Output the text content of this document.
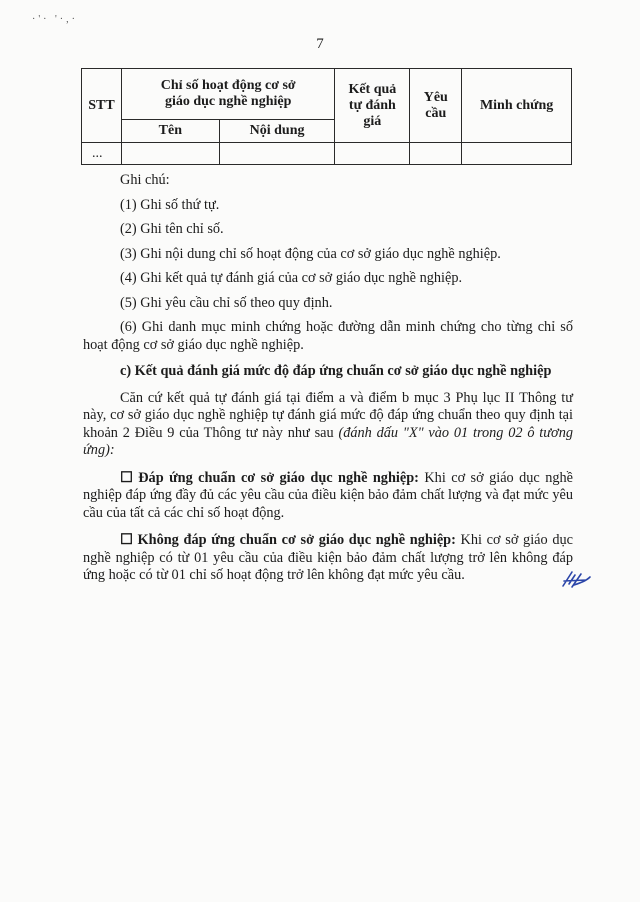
·'· '·,·
7
STT	Chỉ số hoạt động cơ sở giáo dục nghề nghiệp		Kết quả tự đánh giá	Yêu cầu	Minh chứng
	Tên	Nội dung			
...					

Ghi chú:

(1) Ghi số thứ tự.

(2) Ghi tên chỉ số.

(3) Ghi nội dung chỉ số hoạt động của cơ sở giáo dục nghề nghiệp.

(4) Ghi kết quả tự đánh giá của cơ sở giáo dục nghề nghiệp.

(5) Ghi yêu cầu chỉ số theo quy định.

(6) Ghi danh mục minh chứng hoặc đường dẫn minh chứng cho từng chỉ số hoạt động cơ sở giáo dục nghề nghiệp.

c) Kết quả đánh giá mức độ đáp ứng chuẩn cơ sở giáo dục nghề nghiệp

Căn cứ kết quả tự đánh giá tại điểm a và điểm b mục 3 Phụ lục II Thông tư này, cơ sở giáo dục nghề nghiệp tự đánh giá mức độ đáp ứng chuẩn theo quy định tại khoản 2 Điều 9 của Thông tư này như sau (đánh dấu "X" vào 01 trong 02 ô tương ứng):

☐ Đáp ứng chuẩn cơ sở giáo dục nghề nghiệp: Khi cơ sở giáo dục nghề nghiệp đáp ứng đầy đủ các yêu cầu của điều kiện bảo đảm chất lượng và đạt mức yêu cầu của tất cả các chỉ số hoạt động.

☐ Không đáp ứng chuẩn cơ sở giáo dục nghề nghiệp: Khi cơ sở giáo dục nghề nghiệp có từ 01 yêu cầu của điều kiện bảo đảm chất lượng trở lên không đáp ứng hoặc có từ 01 chỉ số hoạt động trở lên không đạt mức yêu cầu.
